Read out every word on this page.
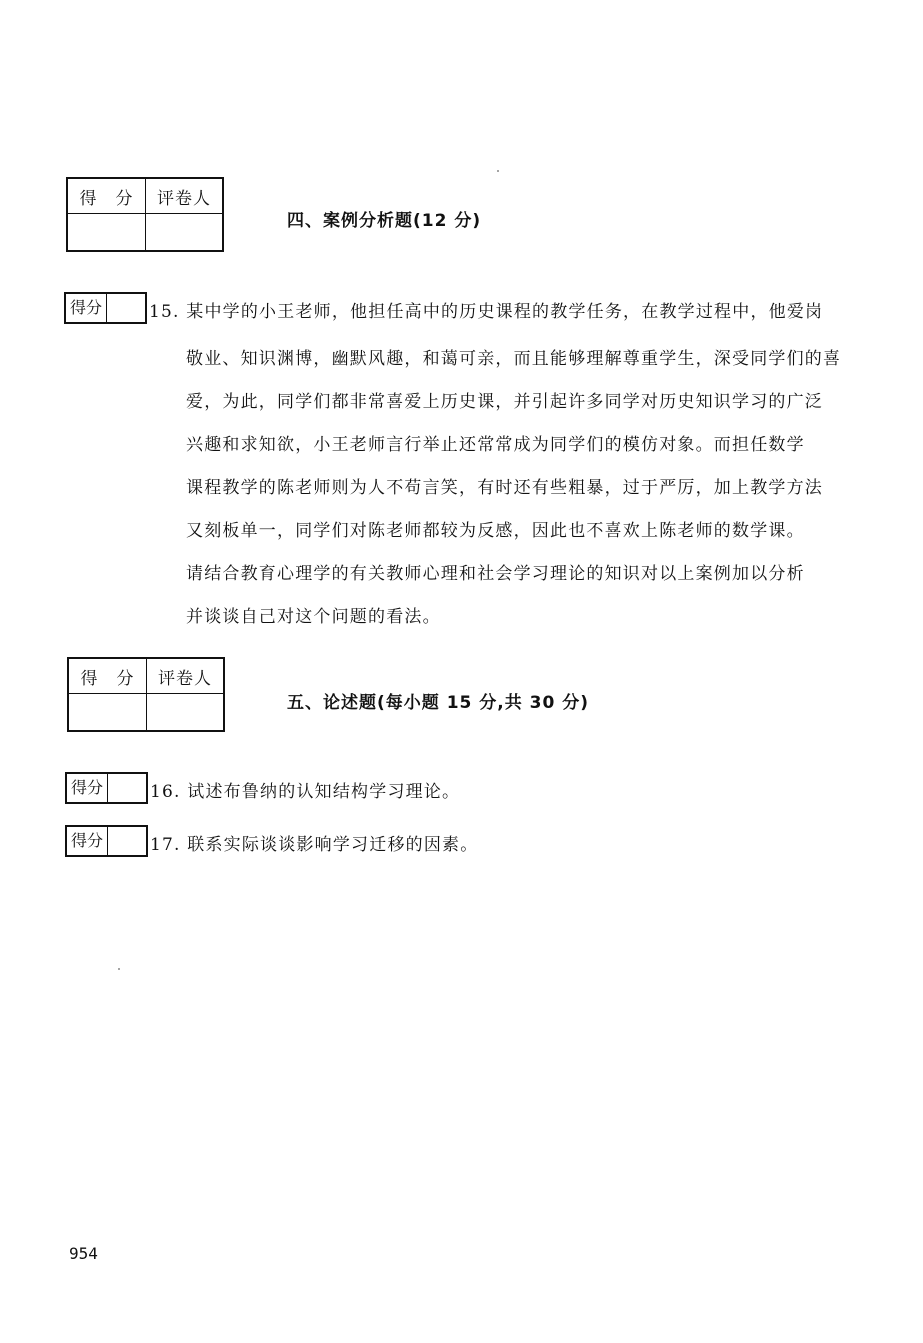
得　分	评卷人

四、案例分析题(12 分)
得分	15. 某中学的小王老师，他担任高中的历史课程的教学任务，在教学过程中，他爱岗
敬业、知识渊博，幽默风趣，和蔼可亲，而且能够理解尊重学生，深受同学们的喜
爱，为此，同学们都非常喜爱上历史课，并引起许多同学对历史知识学习的广泛
兴趣和求知欲，小王老师言行举止还常常成为同学们的模仿对象。而担任数学
课程教学的陈老师则为人不苟言笑，有时还有些粗暴，过于严厉，加上教学方法
又刻板单一，同学们对陈老师都较为反感，因此也不喜欢上陈老师的数学课。
请结合教育心理学的有关教师心理和社会学习理论的知识对以上案例加以分析
并谈谈自己对这个问题的看法。
得　分	评卷人

五、论述题(每小题 15 分,共 30 分)
得分	16. 试述布鲁纳的认知结构学习理论。
得分	17. 联系实际谈谈影响学习迁移的因素。
954
